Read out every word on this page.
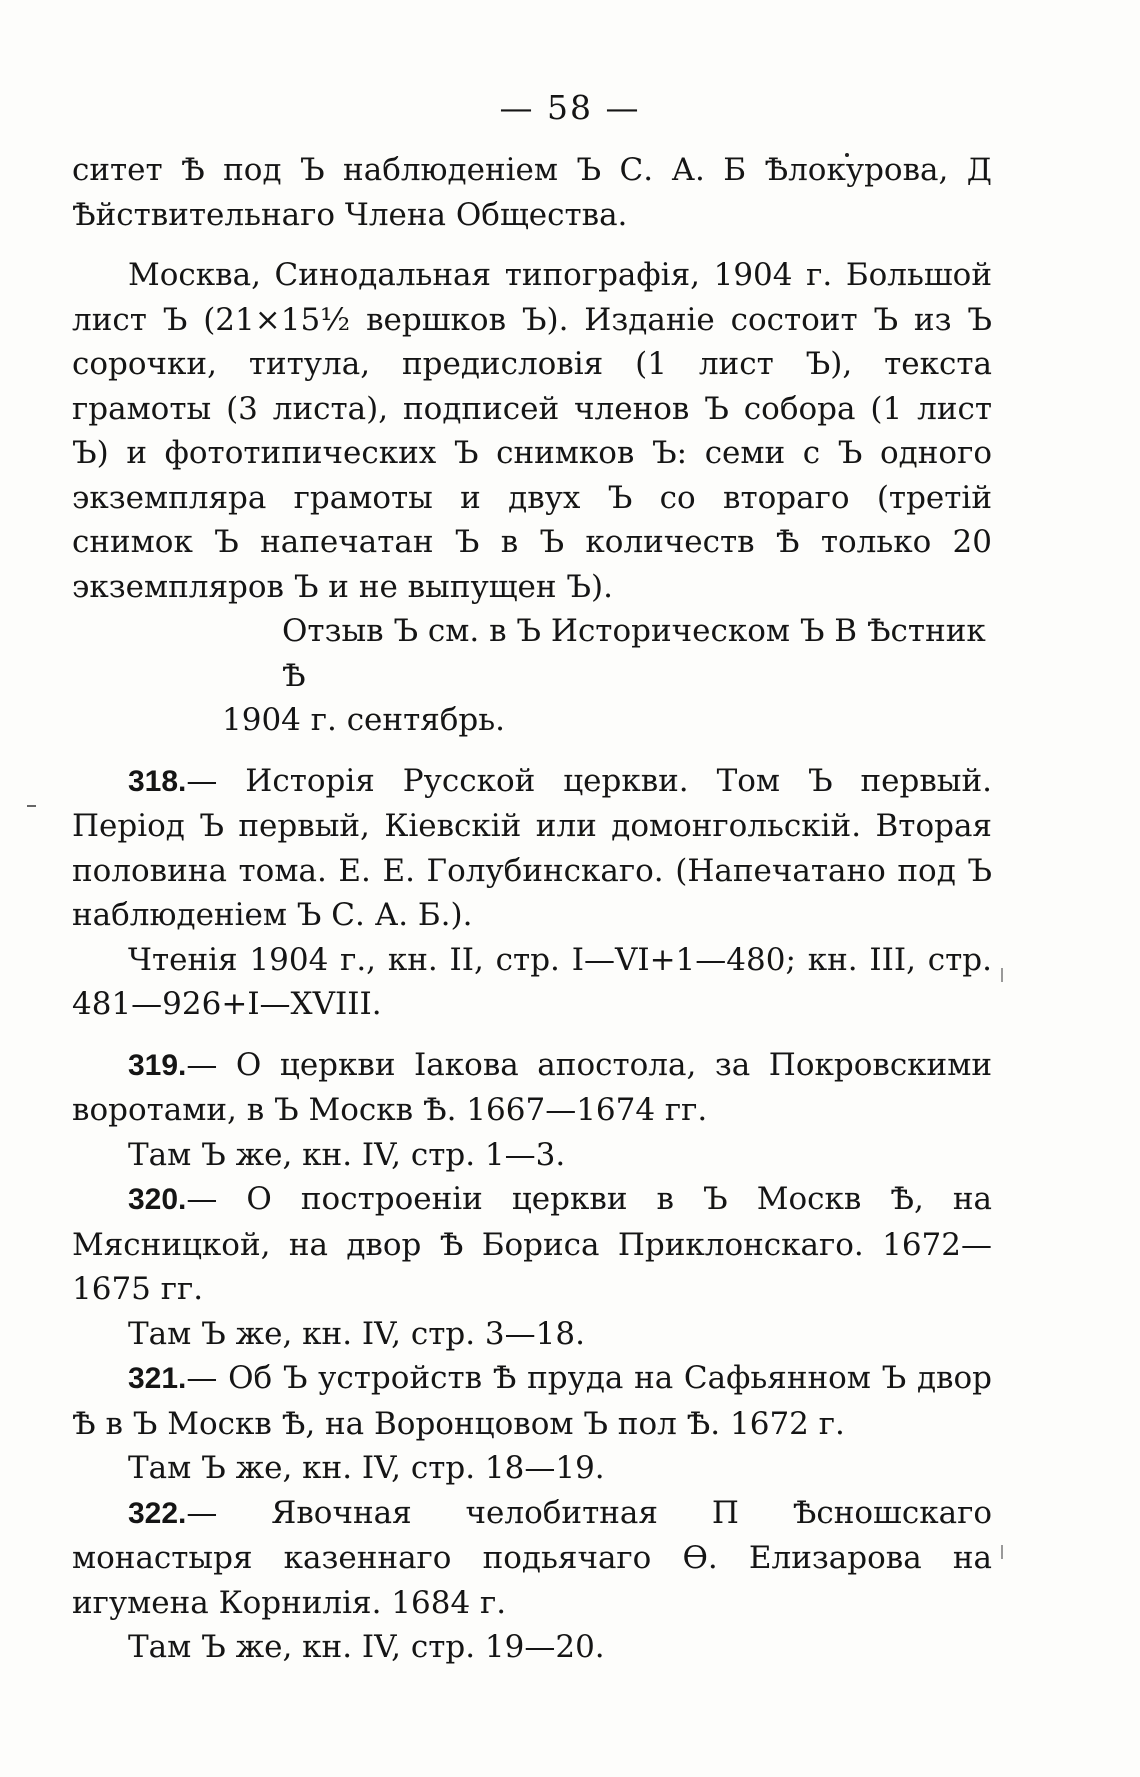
— 58 —

ситет Ѣ под Ъ наблюденіем Ъ С. А. Б Ѣлокурова, Д Ѣйствительнаго Члена Общества.

Москва, Синодальная типографія, 1904 г. Большой лист Ъ (21×15½ вершков Ъ). Изданіе состоит Ъ из Ъ сорочки, титула, предисловія (1 лист Ъ), текста грамоты (3 листа), подписей членов Ъ собора (1 лист Ъ) и фототипических Ъ снимков Ъ: семи с Ъ одного экземпляра грамоты и двух Ъ со втораго (третій снимок Ъ напечатан Ъ в Ъ количеств Ѣ только 20 экземпляров Ъ и не выпущен Ъ).

Отзыв Ъ см. в Ъ Историческом Ъ В Ѣстник Ѣ

1904 г. сентябрь.

318.— Исторія Русской церкви. Том Ъ первый. Період Ъ первый, Кіевскій или домонгольскій. Вторая половина тома. Е. Е. Голубинскаго. (Напечатано под Ъ наблюденіем Ъ С. А. Б.).

Чтенія 1904 г., кн. II, стр. I—VI+1—480; кн. III, стр. 481—926+I—XVIII.

319.— О церкви Іакова апостола, за Покровскими воротами, в Ъ Москв Ѣ. 1667—1674 гг.

Там Ъ же, кн. IV, стр. 1—3.

320.— О построеніи церкви в Ъ Москв Ѣ, на Мясницкой, на двор Ѣ Бориса Приклонскаго. 1672—1675 гг.

Там Ъ же, кн. IV, стр. 3—18.

321.— Об Ъ устройств Ѣ пруда на Сафьянном Ъ двор Ѣ в Ъ Москв Ѣ, на Воронцовом Ъ пол Ѣ. 1672 г.

Там Ъ же, кн. IV, стр. 18—19.

322.— Явочная челобитная П Ѣсношскаго монастыря казеннаго подьячаго Ѳ. Елизарова на игумена Корнилія. 1684 г.

Там Ъ же, кн. IV, стр. 19—20.
